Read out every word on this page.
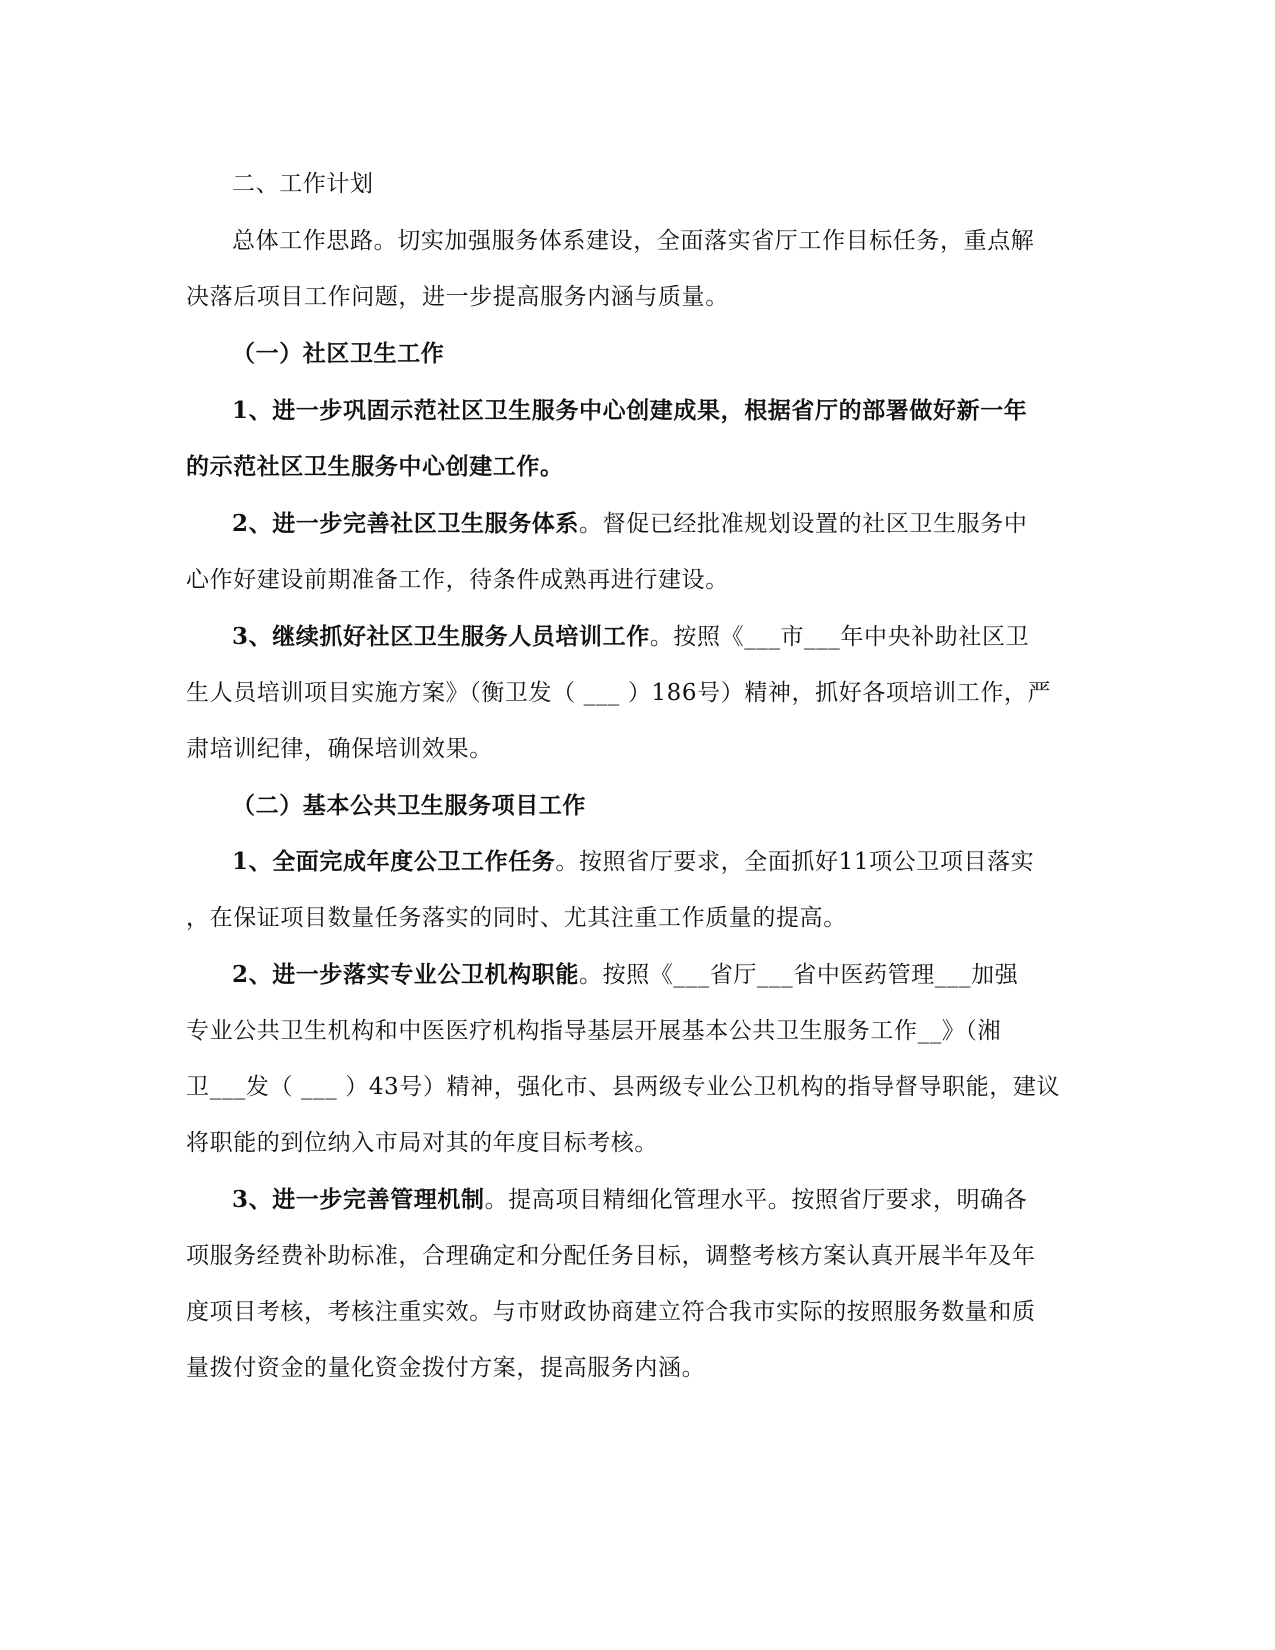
二、工作计划
总体工作思路。切实加强服务体系建设，全面落实省厅工作目标任务，重点解
决落后项目工作问题，进一步提高服务内涵与质量。
（一）社区卫生工作
1、进一步巩固示范社区卫生服务中心创建成果，根据省厅的部署做好新一年
的示范社区卫生服务中心创建工作。
2、进一步完善社区卫生服务体系。督促已经批准规划设置的社区卫生服务中
心作好建设前期准备工作，待条件成熟再进行建设。
3、继续抓好社区卫生服务人员培训工作。按照《___市___年中央补助社区卫
生人员培训项目实施方案》（衡卫发（ ___ ）186号）精神，抓好各项培训工作，严
肃培训纪律，确保培训效果。
（二）基本公共卫生服务项目工作
1、全面完成年度公卫工作任务。按照省厅要求，全面抓好11项公卫项目落实
，在保证项目数量任务落实的同时、尤其注重工作质量的提高。
2、进一步落实专业公卫机构职能。按照《___省厅___省中医药管理___加强
专业公共卫生机构和中医医疗机构指导基层开展基本公共卫生服务工作__》（湘
卫___发（ ___ ）43号）精神，强化市、县两级专业公卫机构的指导督导职能，建议
将职能的到位纳入市局对其的年度目标考核。
3、进一步完善管理机制。提高项目精细化管理水平。按照省厅要求，明确各
项服务经费补助标准，合理确定和分配任务目标，调整考核方案认真开展半年及年
度项目考核，考核注重实效。与市财政协商建立符合我市实际的按照服务数量和质
量拨付资金的量化资金拨付方案，提高服务内涵。
